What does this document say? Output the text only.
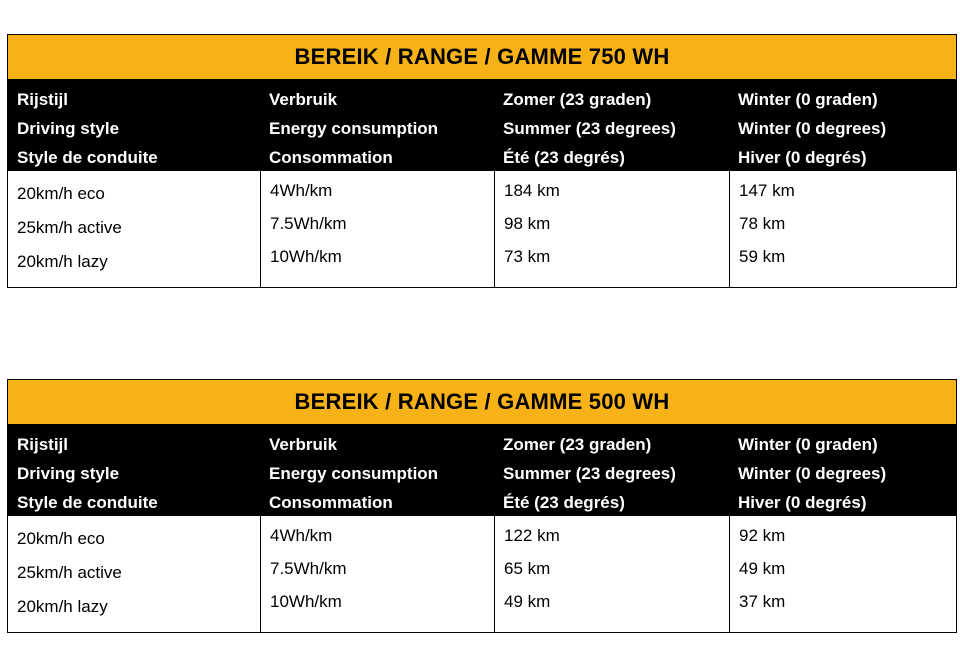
BEREIK / RANGE / GAMME 750 WH
Rijstijl
Driving style
Style de conduite
Verbruik
Energy consumption
Consommation
Zomer (23 graden)
Summer (23 degrees)
Été (23 degrés)
Winter (0 graden)
Winter (0 degrees)
Hiver (0 degrés)
20km/h eco
25km/h active
20km/h lazy
4Wh/km
7.5Wh/km
10Wh/km
184 km
98 km
73 km
147 km
78 km
59 km
BEREIK / RANGE / GAMME 500 WH
Rijstijl
Driving style
Style de conduite
Verbruik
Energy consumption
Consommation
Zomer (23 graden)
Summer (23 degrees)
Été (23 degrés)
Winter (0 graden)
Winter (0 degrees)
Hiver (0 degrés)
20km/h eco
25km/h active
20km/h lazy
4Wh/km
7.5Wh/km
10Wh/km
122 km
65 km
49 km
92 km
49 km
37 km
